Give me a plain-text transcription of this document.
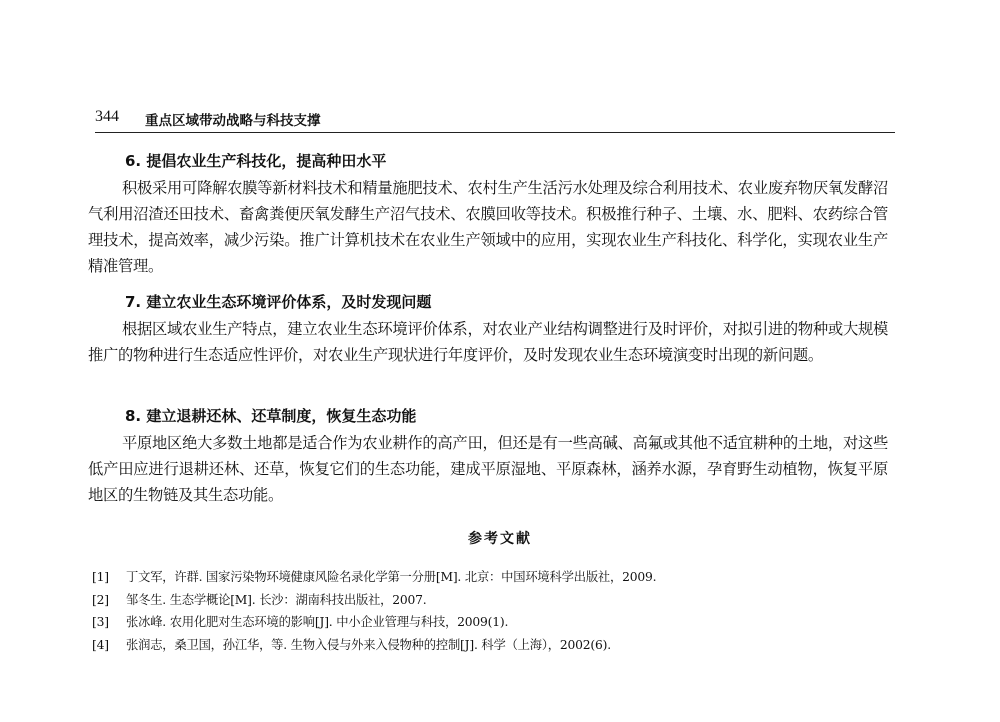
344 重点区域带动战略与科技支撑
6. 提倡农业生产科技化，提高种田水平

积极采用可降解农膜等新材料技术和精量施肥技术、农村生产生活污水处理及综合利用技术、农业废弃物厌氧发酵沼气利用沼渣还田技术、畜禽粪便厌氧发酵生产沼气技术、农膜回收等技术。积极推行种子、土壤、水、肥料、农药综合管理技术，提高效率，减少污染。推广计算机技术在农业生产领域中的应用，实现农业生产科技化、科学化，实现农业生产精准管理。

7. 建立农业生态环境评价体系，及时发现问题

根据区域农业生产特点，建立农业生态环境评价体系，对农业产业结构调整进行及时评价，对拟引进的物种或大规模推广的物种进行生态适应性评价，对农业生产现状进行年度评价，及时发现农业生态环境演变时出现的新问题。

8. 建立退耕还林、还草制度，恢复生态功能

平原地区绝大多数土地都是适合作为农业耕作的高产田，但还是有一些高碱、高氟或其他不适宜耕种的土地，对这些低产田应进行退耕还林、还草，恢复它们的生态功能，建成平原湿地、平原森林，涵养水源，孕育野生动植物，恢复平原地区的生物链及其生态功能。

参考文献
[1] 丁文军，许群. 国家污染物环境健康风险名录化学第一分册[M]. 北京：中国环境科学出版社，2009.
[2] 邹冬生. 生态学概论[M]. 长沙：湖南科技出版社，2007.
[3] 张冰峰. 农用化肥对生态环境的影响[J]. 中小企业管理与科技，2009(1).
[4] 张润志，桑卫国，孙江华，等. 生物入侵与外来入侵物种的控制[J]. 科学（上海），2002(6).
